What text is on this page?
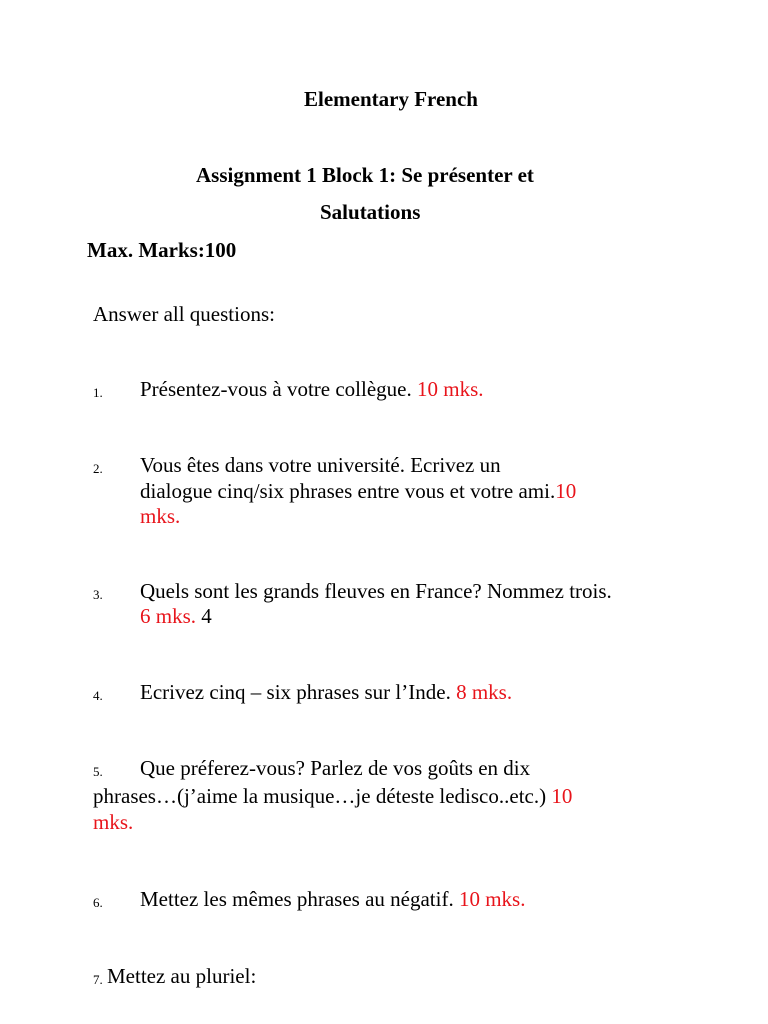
Elementary French
Assignment 1 Block 1: Se présenter et
Salutations
Max. Marks:100
Answer all questions:
1. Présentez-vous à votre collègue. 10 mks.
2. Vous êtes dans votre université. Ecrivez un
dialogue cinq/six phrases entre vous et votre ami.10
mks.
3. Quels sont les grands fleuves en France? Nommez trois.
6 mks. 4
4. Ecrivez cinq – six phrases sur l’Inde. 8 mks.
5. Que préferez-vous? Parlez de vos goûts en dix
phrases…(j’aime la musique…je déteste ledisco..etc.) 10
mks.
6. Mettez les mêmes phrases au négatif. 10 mks.
7. Mettez au pluriel:
